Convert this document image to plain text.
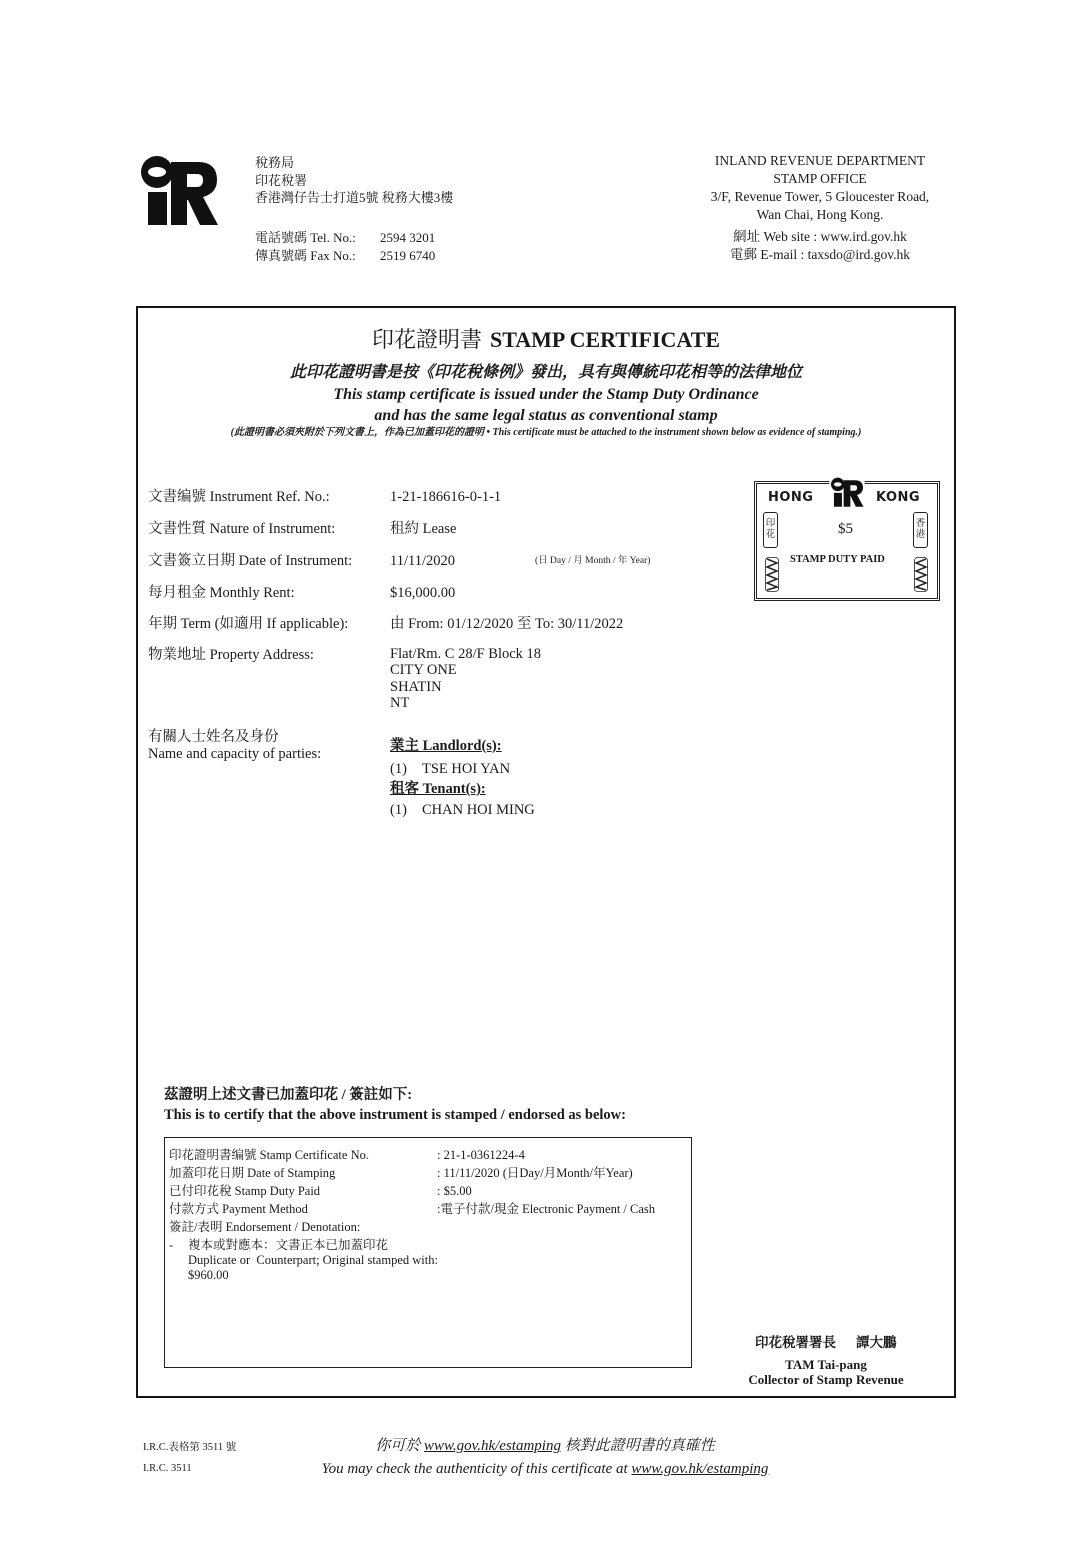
稅務局
印花稅署
香港灣仔告士打道5號 稅務大樓3樓
電話號碼 Tel. No.: 2594 3201
傳真號碼 Fax No.: 2519 6740
INLAND REVENUE DEPARTMENT
STAMP OFFICE
3/F, Revenue Tower, 5 Gloucester Road,
Wan Chai, Hong Kong.
網址 Web site : www.ird.gov.hk
電郵 E-mail : taxsdo@ird.gov.hk
印花證明書 STAMP CERTIFICATE
此印花證明書是按《印花稅條例》發出，具有與傳統印花相等的法律地位
This stamp certificate is issued under the Stamp Duty Ordinance
and has the same legal status as conventional stamp
(此證明書必須夾附於下列文書上，作為已加蓋印花的證明 • This certificate must be attached to the instrument shown below as evidence of stamping.)
文書编號 Instrument Ref. No.:	1-21-186616-0-1-1
文書性質 Nature of Instrument:	租約 Lease
文書簽立日期 Date of Instrument:	11/11/2020	(日 Day / 月 Month / 年 Year)
每月租金 Monthly Rent:	$16,000.00
年期 Term (如適用 If applicable):	由 From: 01/12/2020 至 To: 30/11/2022
物業地址 Property Address:	Flat/Rm. C 28/F Block 18
CITY ONE
SHATIN
NT
有關人士姓名及身份
Name and capacity of parties:	業主 Landlord(s):
(1) TSE HOI YAN
租客 Tenant(s):
(1) CHAN HOI MING
HONG	KONG
$5
STAMP DUTY PAID
印
花
香
港
茲證明上述文書已加蓋印花 / 簽註如下:
This is to certify that the above instrument is stamped / endorsed as below:
印花證明書编號 Stamp Certificate No.	: 21-1-0361224-4
加蓋印花日期 Date of Stamping	: 11/11/2020 (日Day/月Month/年Year)
已付印花稅 Stamp Duty Paid	: $5.00
付款方式 Payment Method	:電子付款/現金 Electronic Payment / Cash
簽註/表明 Endorsement / Denotation:
- 複本或對應本：文書正本已加蓋印花
Duplicate or  Counterpart; Original stamped with:
$960.00
印花稅署署長 譚大鵬
TAM Tai-pang
Collector of Stamp Revenue
I.R.C.表格第 3511 號
I.R.C. 3511
你可於 www.gov.hk/estamping 核對此證明書的真確性
You may check the authenticity of this certificate at www.gov.hk/estamping
